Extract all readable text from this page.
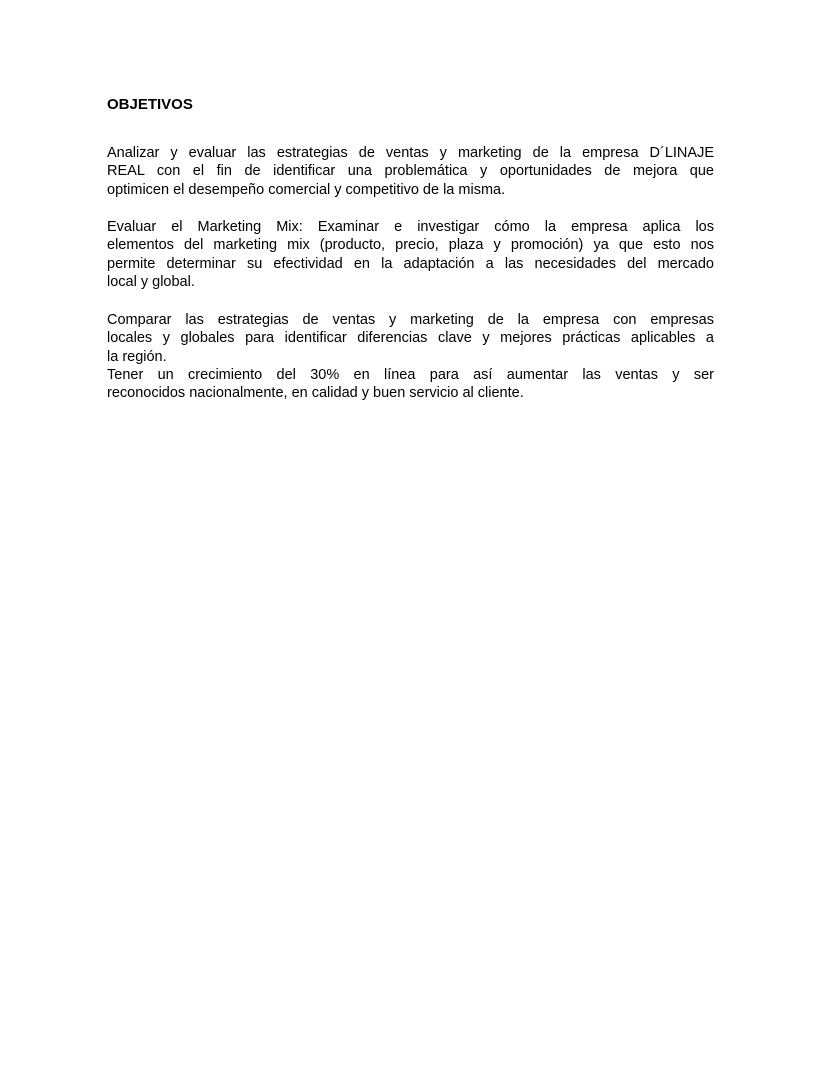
OBJETIVOS
Analizar y evaluar las estrategias de ventas y marketing de la empresa D´LINAJE
REAL con el fin de identificar una problemática y oportunidades de mejora que
optimicen el desempeño comercial y competitivo de la misma.
Evaluar el Marketing Mix: Examinar e investigar cómo la empresa aplica los
elementos del marketing mix (producto, precio, plaza y promoción) ya que esto nos
permite determinar su efectividad en la adaptación a las necesidades del mercado
local y global.
Comparar las estrategias de ventas y marketing de la empresa con empresas
locales y globales para identificar diferencias clave y mejores prácticas aplicables a
la región.
Tener un crecimiento del 30% en línea para así aumentar las ventas y ser
reconocidos nacionalmente, en calidad y buen servicio al cliente.
